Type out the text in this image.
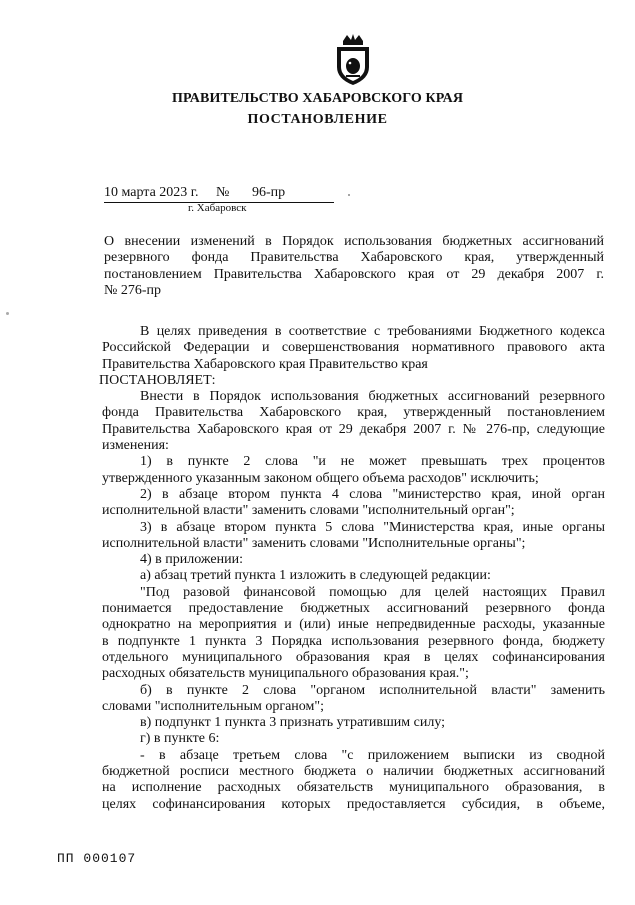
ПРАВИТЕЛЬСТВО ХАБАРОВСКОГО КРАЯ
ПОСТАНОВЛЕНИЕ
10 марта 2023 г. № 96-пр
г. Хабаровск
О внесении изменений в Порядок использования бюджетных ассигнований
резервного фонда Правительства Хабаровского края, утвержденный
постановлением Правительства Хабаровского края от 29 декабря 2007 г.
№ 276-пр
В целях приведения в соответствие с требованиями Бюджетного кодекса
Российской Федерации и совершенствования нормативного правового акта
Правительства Хабаровского края Правительство края
ПОСТАНОВЛЯЕТ:
Внести в Порядок использования бюджетных ассигнований резервного
фонда Правительства Хабаровского края, утвержденный постановлением
Правительства Хабаровского края от 29 декабря 2007 г. № 276-пр, следующие
изменения:
1) в пункте 2 слова "и не может превышать трех процентов
утвержденного указанным законом общего объема расходов" исключить;
2) в абзаце втором пункта 4 слова "министерство края, иной орган
исполнительной власти" заменить словами "исполнительный орган";
3) в абзаце втором пункта 5 слова "Министерства края, иные органы
исполнительной власти" заменить словами "Исполнительные органы";
4) в приложении:
а) абзац третий пункта 1 изложить в следующей редакции:
"Под разовой финансовой помощью для целей настоящих Правил
понимается предоставление бюджетных ассигнований резервного фонда
однократно на мероприятия и (или) иные непредвиденные расходы, указанные
в подпункте 1 пункта 3 Порядка использования резервного фонда, бюджету
отдельного муниципального образования края в целях софинансирования
расходных обязательств муниципального образования края.";
б) в пункте 2 слова "органом исполнительной власти" заменить
словами "исполнительным органом";
в) подпункт 1 пункта 3 признать утратившим силу;
г) в пункте 6:
- в абзаце третьем слова "с приложением выписки из сводной
бюджетной росписи местного бюджета о наличии бюджетных ассигнований
на исполнение расходных обязательств муниципального образования, в
целях софинансирования которых предоставляется субсидия, в объеме,
ПП 000107
